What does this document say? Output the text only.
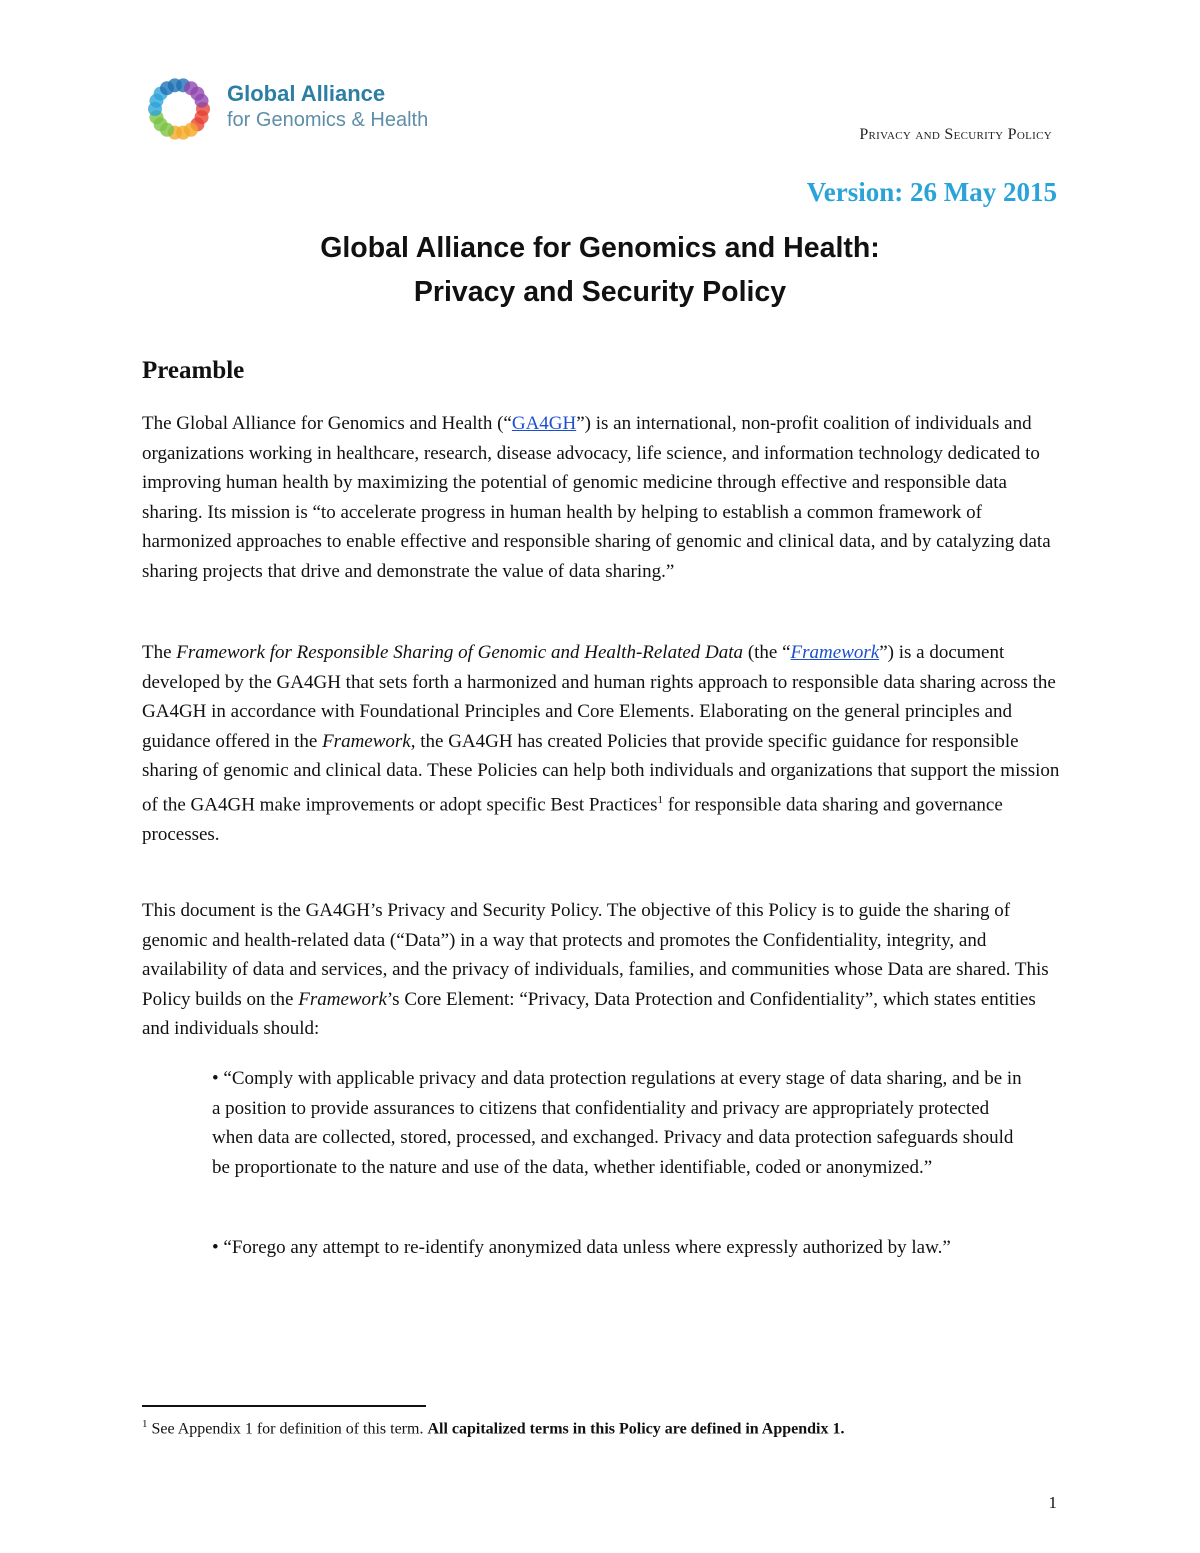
Global Alliance
for Genomics & Health
Privacy and Security Policy
Version: 26 May 2015
Global Alliance for Genomics and Health:
Privacy and Security Policy
Preamble
The Global Alliance for Genomics and Health (“GA4GH”) is an international, non-profit coalition of individuals and organizations working in healthcare, research, disease advocacy, life science, and information technology dedicated to improving human health by maximizing the potential of genomic medicine through effective and responsible data sharing. Its mission is “to accelerate progress in human health by helping to establish a common framework of harmonized approaches to enable effective and responsible sharing of genomic and clinical data, and by catalyzing data sharing projects that drive and demonstrate the value of data sharing.”
The Framework for Responsible Sharing of Genomic and Health-Related Data (the “Framework”) is a document developed by the GA4GH that sets forth a harmonized and human rights approach to responsible data sharing across the GA4GH in accordance with Foundational Principles and Core Elements. Elaborating on the general principles and guidance offered in the Framework, the GA4GH has created Policies that provide specific guidance for responsible sharing of genomic and clinical data. These Policies can help both individuals and organizations that support the mission of the GA4GH make improvements or adopt specific Best Practices$^1$ for responsible data sharing and governance processes.
This document is the GA4GH’s Privacy and Security Policy. The objective of this Policy is to guide the sharing of genomic and health-related data (“Data”) in a way that protects and promotes the Confidentiality, integrity, and availability of data and services, and the privacy of individuals, families, and communities whose Data are shared. This Policy builds on the Framework’s Core Element: “Privacy, Data Protection and Confidentiality”, which states entities and individuals should:
• “Comply with applicable privacy and data protection regulations at every stage of data sharing, and be in a position to provide assurances to citizens that confidentiality and privacy are appropriately protected when data are collected, stored, processed, and exchanged. Privacy and data protection safeguards should be proportionate to the nature and use of the data, whether identifiable, coded or anonymized.”
• “Forego any attempt to re-identify anonymized data unless where expressly authorized by law.”
$^1$ See Appendix 1 for definition of this term. All capitalized terms in this Policy are defined in Appendix 1.
1
